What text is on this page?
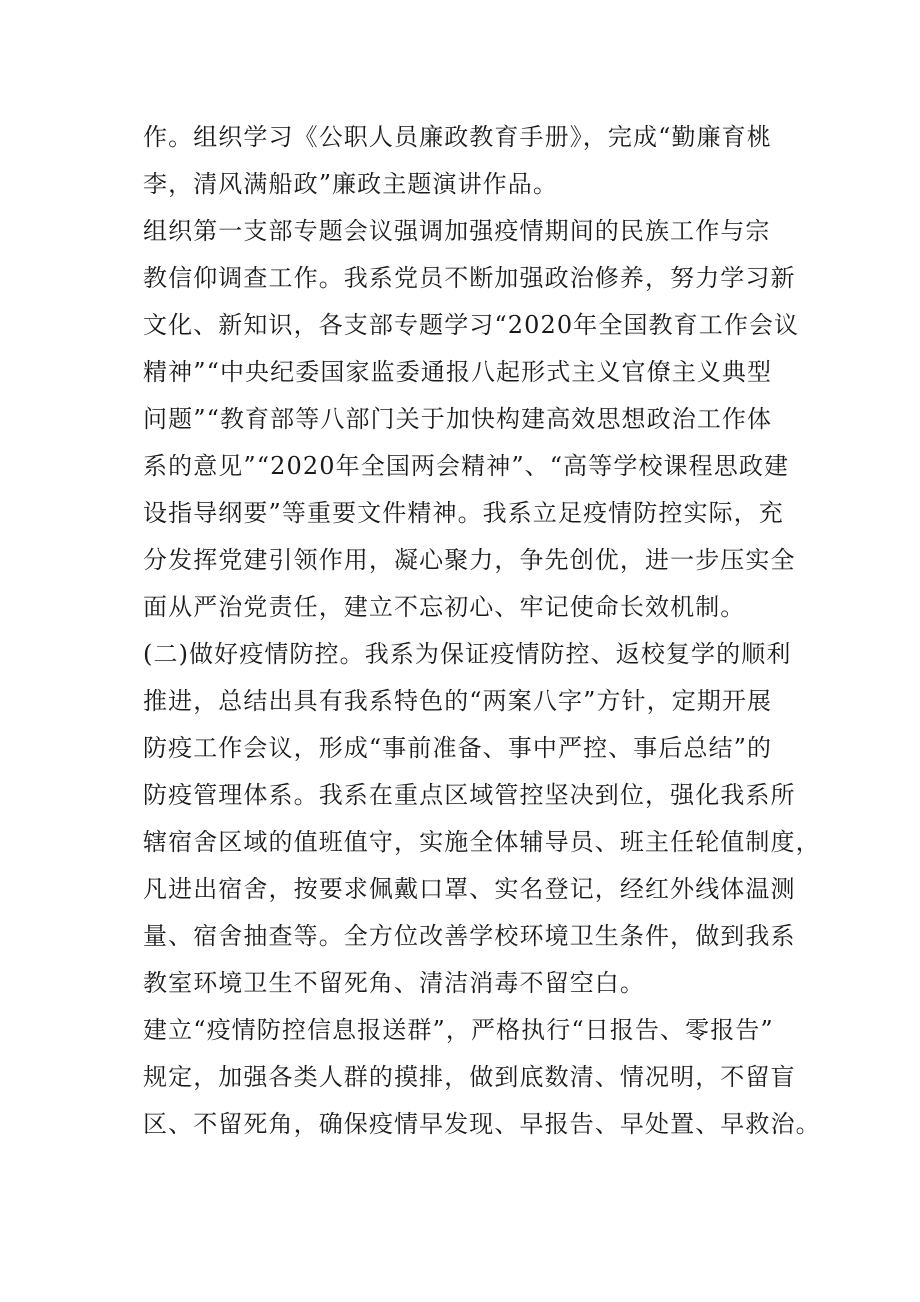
作。组织学习《公职人员廉政教育手册》，完成“勤廉育桃
李，清风满船政”廉政主题演讲作品。
组织第一支部专题会议强调加强疫情期间的民族工作与宗
教信仰调查工作。我系党员不断加强政治修养，努力学习新
文化、新知识，各支部专题学习“2020年全国教育工作会议
精神”“中央纪委国家监委通报八起形式主义官僚主义典型
问题”“教育部等八部门关于加快构建高效思想政治工作体
系的意见”“2020年全国两会精神”、“高等学校课程思政建
设指导纲要”等重要文件精神。我系立足疫情防控实际，充
分发挥党建引领作用，凝心聚力，争先创优，进一步压实全
面从严治党责任，建立不忘初心、牢记使命长效机制。
(二)做好疫情防控。我系为保证疫情防控、返校复学的顺利
推进，总结出具有我系特色的“两案八字”方针，定期开展
防疫工作会议，形成“事前准备、事中严控、事后总结”的
防疫管理体系。我系在重点区域管控坚决到位，强化我系所
辖宿舍区域的值班值守，实施全体辅导员、班主任轮值制度，
凡进出宿舍，按要求佩戴口罩、实名登记，经红外线体温测
量、宿舍抽查等。全方位改善学校环境卫生条件，做到我系
教室环境卫生不留死角、清洁消毒不留空白。
建立“疫情防控信息报送群”，严格执行“日报告、零报告”
规定，加强各类人群的摸排，做到底数清、情况明，不留盲
区、不留死角，确保疫情早发现、早报告、早处置、早救治。
